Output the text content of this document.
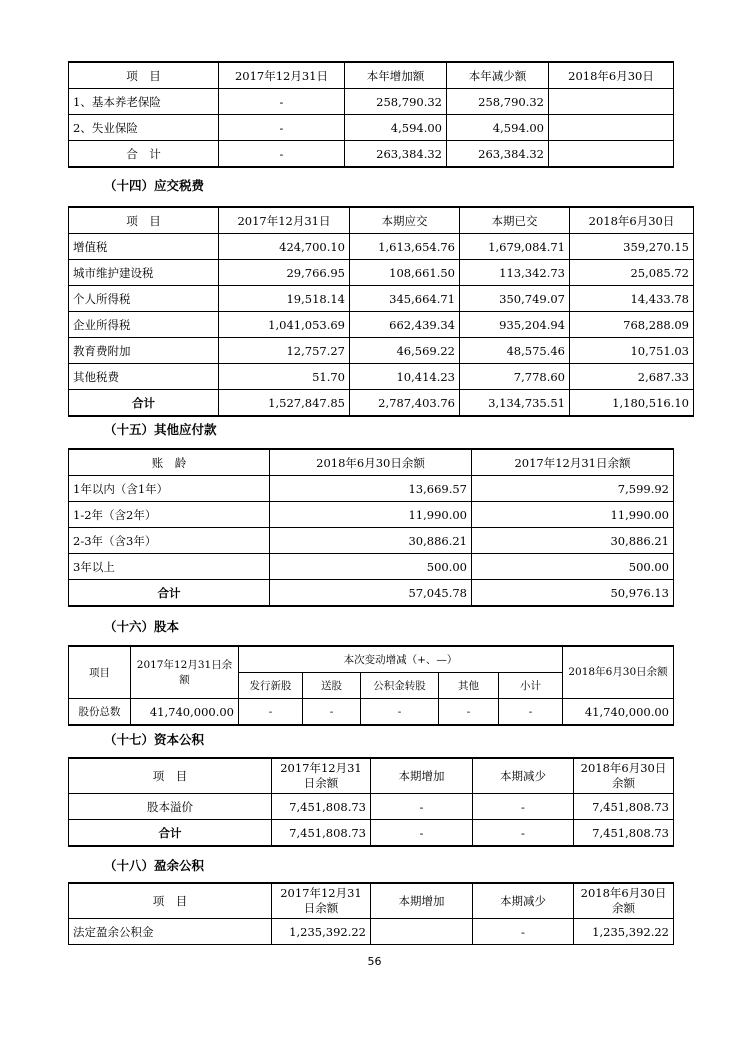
项　目	2017年12月31日	本年增加额	本年减少额	2018年6月30日
1、基本养老保险	-	258,790.32	258,790.32	
2、失业保险	-	4,594.00	4,594.00	
合　计	-	263,384.32	263,384.32	
（十四）应交税费
项　目	2017年12月31日	本期应交	本期已交	2018年6月30日
增值税	424,700.10	1,613,654.76	1,679,084.71	359,270.15
城市维护建设税	29,766.95	108,661.50	113,342.73	25,085.72
个人所得税	19,518.14	345,664.71	350,749.07	14,433.78
企业所得税	1,041,053.69	662,439.34	935,204.94	768,288.09
教育费附加	12,757.27	46,569.22	48,575.46	10,751.03
其他税费	51.70	10,414.23	7,778.60	2,687.33
合计	1,527,847.85	2,787,403.76	3,134,735.51	1,180,516.10
（十五）其他应付款
账　龄	2018年6月30日余额	2017年12月31日余额
1年以内（含1年）	13,669.57	7,599.92
1-2年（含2年）	11,990.00	11,990.00
2-3年（含3年）	30,886.21	30,886.21
3年以上	500.00	500.00
合计	57,045.78	50,976.13
（十六）股本
项目	2017年12月31日余额	本次变动增减（+、—）					2018年6月30日余额
		发行新股	送股	公积金转股	其他	小计	
股份总数	41,740,000.00	-	-	-	-	-	41,740,000.00
（十七）资本公积
项　目	2017年12月31日余额	本期增加	本期减少	2018年6月30日余额
股本溢价	7,451,808.73	-	-	7,451,808.73
合计	7,451,808.73	-	-	7,451,808.73
（十八）盈余公积
项　目	2017年12月31日余额	本期增加	本期减少	2018年6月30日余额
法定盈余公积金	1,235,392.22		-	1,235,392.22
56
